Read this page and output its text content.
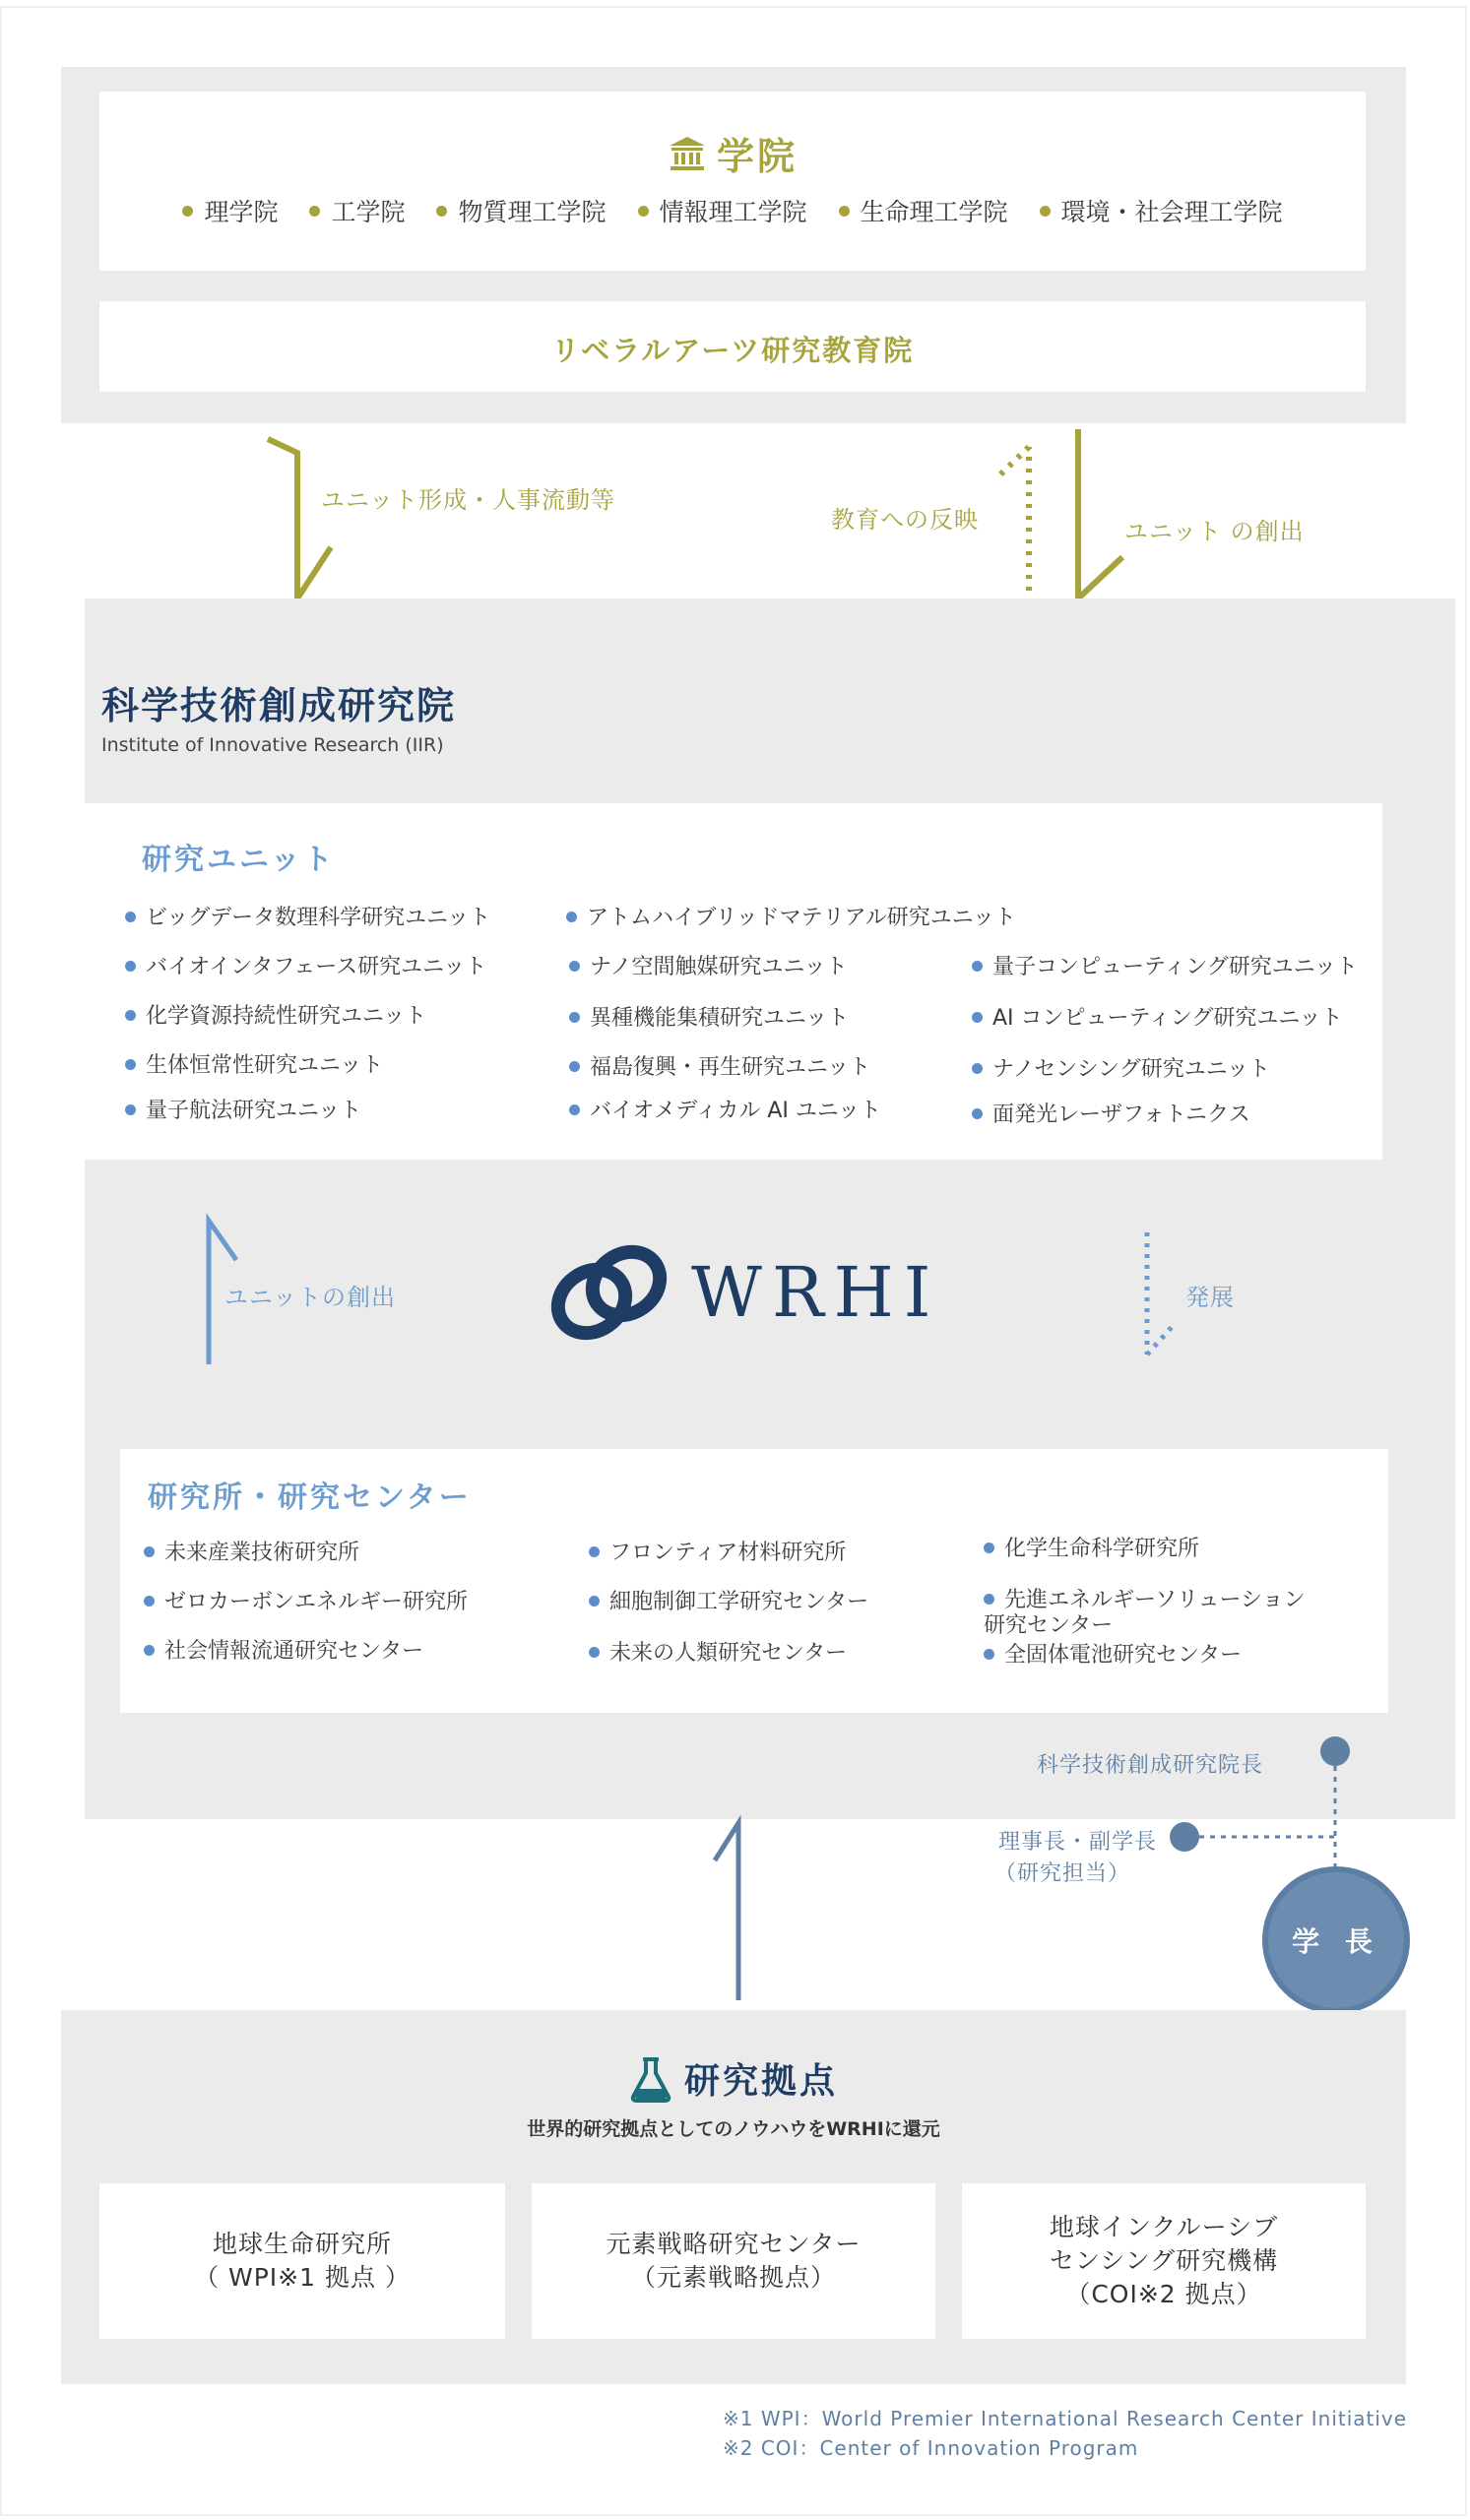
学院
理学院	工学院	物質理工学院	情報理工学院	生命理工学院	環境・社会理工学院
リベラルアーツ研究教育院
ユニット形成・人事流動等
教育への反映	ユニット の創出
科学技術創成研究院
Institute of Innovative Research (IIR)
研究ユニット
ビッグデータ数理科学研究ユニット	アトムハイブリッドマテリアル研究ユニット
バイオインタフェース研究ユニット	ナノ空間触媒研究ユニット	量子コンピューティング研究ユニット
化学資源持続性研究ユニット	異種機能集積研究ユニット	AI コンピューティング研究ユニット
生体恒常性研究ユニット	福島復興・再生研究ユニット	ナノセンシング研究ユニット
量子航法研究ユニット	バイオメディカル AI ユニット	面発光レーザフォトニクス
ユニットの創出	発展
WRHI
研究所・研究センター
未来産業技術研究所	フロンティア材料研究所	化学生命科学研究所
ゼロカーボンエネルギー研究所	細胞制御工学研究センター	先進エネルギーソリューション研究センター
社会情報流通研究センター	未来の人類研究センター	全固体電池研究センター
科学技術創成研究院長
理事長・副学長
（研究担当）
学 長
研究拠点
世界的研究拠点としてのノウハウをWRHIに還元
地球生命研究所
（ WPI※1 拠点 ）
元素戦略研究センター
（元素戦略拠点）
地球インクルーシブ
センシング研究機構
（COI※2 拠点）
※1 WPI：World Premier International Research Center Initiative
※2 COI：Center of Innovation Program
